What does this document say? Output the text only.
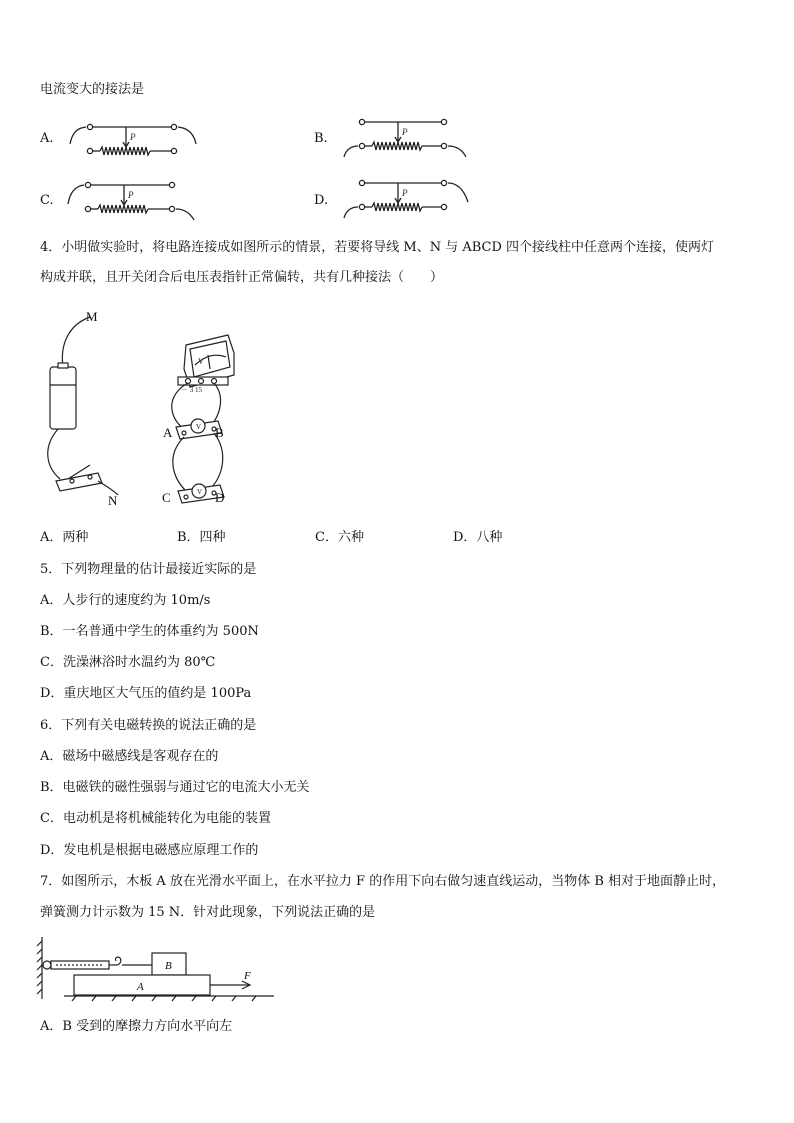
电流变大的接法是
A.	P	B.	P
C.	P	D.	P
4．小明做实验时，将电路连接成如图所示的情景，若要将导线 M、N 与 ABCD 四个接线柱中任意两个连接，使两灯
构成并联，且开关闭合后电压表指针正常偏转，共有几种接法（　　）
V
－ 3 15
V
V
M
N
A	B
C	D
A．两种	B．四种	C．六种	D．八种
5．下列物理量的估计最接近实际的是
A．人步行的速度约为 10m/s
B．一名普通中学生的体重约为 500N
C．洗澡淋浴时水温约为 80℃
D．重庆地区大气压的值约是 100Pa
6．下列有关电磁转换的说法正确的是
A．磁场中磁感线是客观存在的
B．电磁铁的磁性强弱与通过它的电流大小无关
C．电动机是将机械能转化为电能的装置
D．发电机是根据电磁感应原理工作的
7．如图所示，木板 A 放在光滑水平面上，在水平拉力 F 的作用下向右做匀速直线运动，当物体 B 相对于地面静止时，
弹簧测力计示数为 15 N．针对此现象，下列说法正确的是
B
A
F
A．B 受到的摩擦力方向水平向左
